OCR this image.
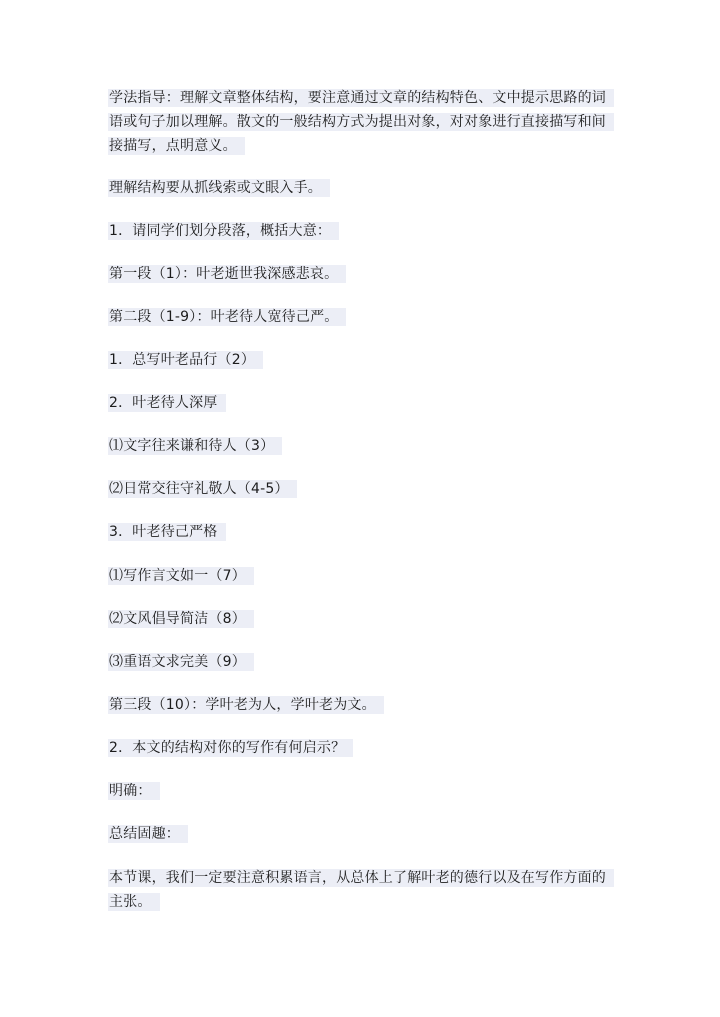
学法指导：理解文章整体结构，要注意通过文章的结构特色、文中提示思路的词
语或句子加以理解。散文的一般结构方式为提出对象，对对象进行直接描写和间
接描写，点明意义。
理解结构要从抓线索或文眼入手。
1．请同学们划分段落，概括大意：
第一段（1）：叶老逝世我深感悲哀。
第二段（1-9）：叶老待人宽待己严。
1．总写叶老品行（2）
2．叶老待人深厚
⑴文字往来谦和待人（3）
⑵日常交往守礼敬人（4-5）
3．叶老待己严格
⑴写作言文如一（7）
⑵文风倡导简洁（8）
⑶重语文求完美（9）
第三段（10）：学叶老为人，学叶老为文。
2．本文的结构对你的写作有何启示？
明确：
总结固趣：
本节课，我们一定要注意积累语言，从总体上了解叶老的德行以及在写作方面的
主张。
